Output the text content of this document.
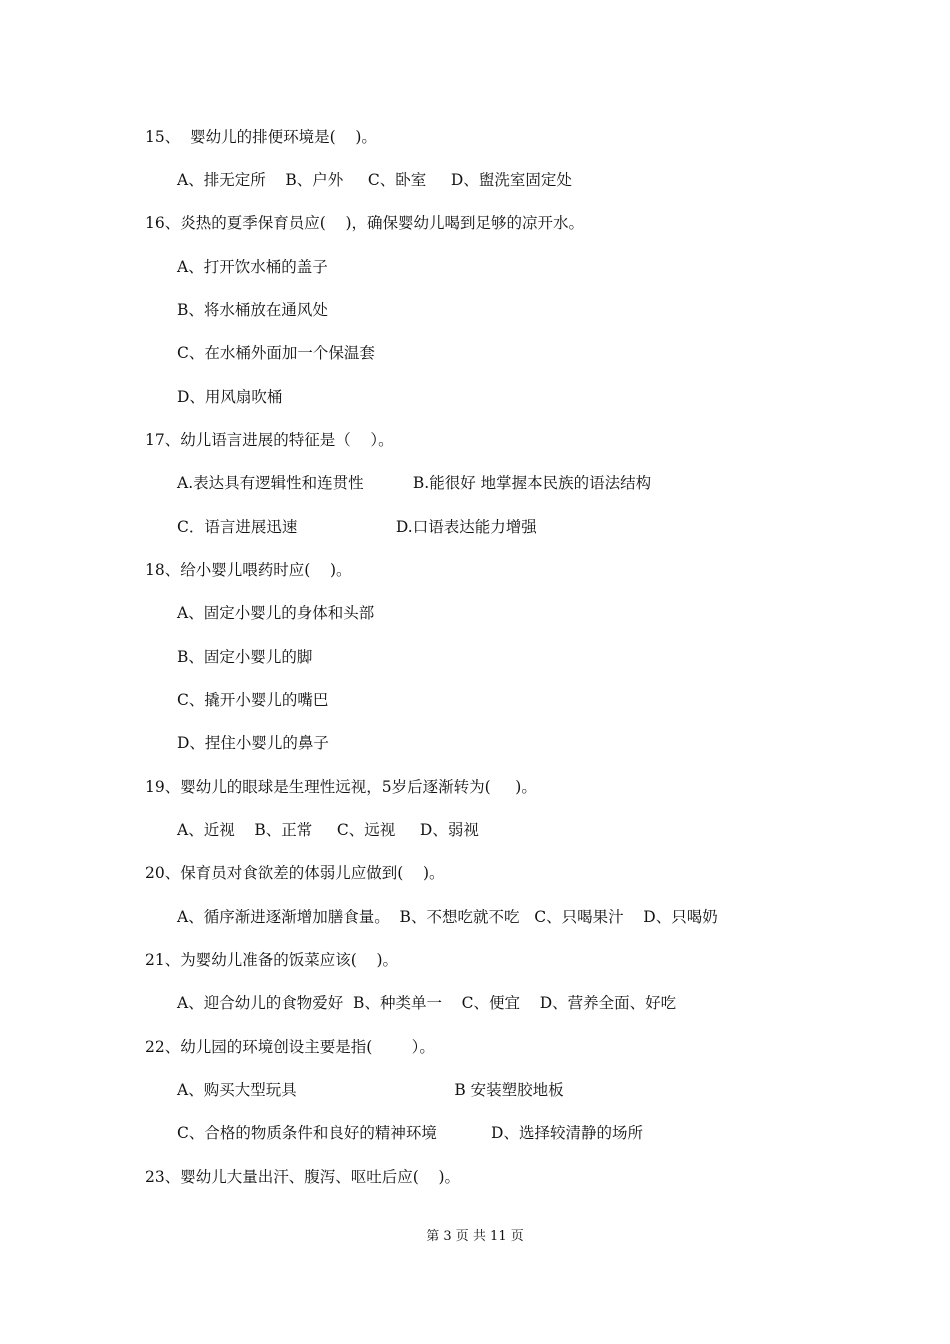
15、  婴幼儿的排便环境是(    )。
A、排无定所    B、户外     C、卧室     D、盥洗室固定处
16、炎热的夏季保育员应(    )，确保婴幼儿喝到足够的凉开水。
A、打开饮水桶的盖子
B、将水桶放在通风处
C、在水桶外面加一个保温套
D、用风扇吹桶
17、幼儿语言进展的特征是（    ）。
A.表达具有逻辑性和连贯性          B.能很好 地掌握本民族的语法结构
C．语言进展迅速                    D.口语表达能力增强
18、给小婴儿喂药时应(    )。
A、固定小婴儿的身体和头部
B、固定小婴儿的脚
C、撬开小婴儿的嘴巴
D、捏住小婴儿的鼻子
19、婴幼儿的眼球是生理性远视，5岁后逐渐转为(     )。
A、近视    B、正常     C、远视     D、弱视
20、保育员对食欲差的体弱儿应做到(    )。
A、循序渐进逐渐增加膳食量。  B、不想吃就不吃   C、只喝果汁    D、只喝奶
21、为婴幼儿准备的饭菜应该(    )。
A、迎合幼儿的食物爱好  B、种类单一    C、便宜    D、营养全面、好吃
22、幼儿园的环境创设主要是指(        ）。
A、购买大型玩具                                B 安装塑胶地板
C、合格的物质条件和良好的精神环境           D、选择较清静的场所
23、婴幼儿大量出汗、腹泻、呕吐后应(    )。
第 3 页 共 11 页
